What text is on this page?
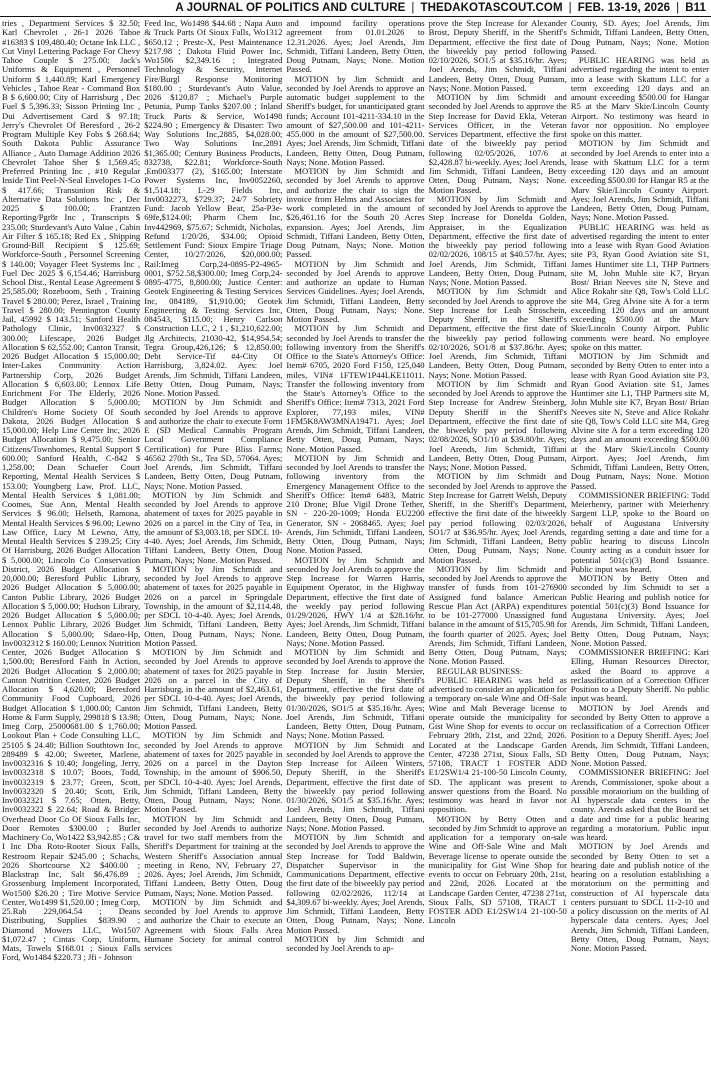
A JOURNAL OF POLITICS AND CULTURE | THEDAKOTASCOUT.COM | FEB. 13-19, 2026 | B11

tries , Department Services $ 32.50; Karl Chevrolet , 26-1 2026 Tahoe #16383 $ 109,480.40; Octane Ink LLC , Cut Vinyl Lettering Package For Chevy Tahoe Couple $ 275.00; Jack's Uniforms & Equipment , Personnel Uniform $ 1,440.89; Karl Emergency Vehicles , Tahoe Rear - Command Box B $ 6,600.00; City of Harrisburg , Dec Fuel $ 5,396.33; Sisson Printing Inc , Dui Advertisement Card $ 97.18; Jerry's Chevrolet Of Beresford , 26-2 Program Multiple Key Fobs $ 268.64; South Dakota Public Assurance Alliance , Auto Damage Addition 2026 Chevrolet Tahoe Sher $ 1,569.45; Preferred Printing Inc , #10 Regular Inside Tint Peel-N-Seal Envelopes 1-Co $ 417.66; Transunion Risk & Alternative Data Solutions Inc , Dec 2025 $ 100.00; Frantzen Reporting/Pgr8r Inc , Transcripts $ 235.00; Sturdevant's Auto Value , Cabin Air Filter $ 165.18; Red Ex , Shipping Ground-Bill Recipient $ 125.69; Workforce-South , Personnel Screening $ 140.00; Voyager Fleet Systems Inc , Fuel Dec 2025 $ 6,154.46; Harrisburg School Dist., Rental Lease Agreement $ 25,585.00; Rozeboom, Seth , Training Travel $ 280.00; Perez, Israel , Training Travel $ 280.00; Pennington County Jail, 45992 $ 143.51; Sanford Health Pathology Clinic, Inv0032327 $ 300.00; Lifescape, 2026 Budget Allocation $ 62,552.00; Canton Transit, 2026 Budget Allocation $ 15,000.00; Inter-Lakes Community Action Partnership Corp, 2026 Budget Allocation $ 6,603.00; Lennox Life Enrichment For The Elderly, 2026 Budget Allocation $ 5,000.00; Children's Home Society Of South Dakota, 2026 Budget Allocation $ 15,000.00; Help Line Center Inc, 2026 Budget Allocation $ 9,475.00; Senior Citizens/Townhomes, Rental Support $ 600.00; Sanford Health, C-842 $ 1,258.00; Dean Schaefer Court Reporting, Mental Health Services $ 153.00; Youngberg Law, Prof. LLC, Mental Health Services $ 1,081.00; Coomes, Sue Ann, Mental Health Services $ 96.00; Helseth, Ramona, Mental Health Services $ 96.00; Lewno Law Office, Lucy M Lewno, Atty, Mental Health Services $ 239.25; City Of Harrisburg, 2026 Budget Allocation $ 5,000.00; Lincoln Co Conservation District, 2026 Budget Allocation $ 20,000.00; Beresford Public Library, 2026 Budget Allocation $ 5,000.00; Canton Public Library, 2026 Budget Allocation $ 5,000.00; Hudson Library, 2026 Budget Allocation $ 5,000.00; Lennox Public Library, 2026 Budget Allocation $ 5,000.00; Sdaeo-Hp, Inv0032312 $ 160.00; Lennox Nutrition Center, 2026 Budget Allocation $ 1,500.00; Beresford Faith In Action, 2026 Budget Allocation $ 2,000.00; Canton Nutrition Center, 2026 Budget Allocation $ 4,620.00; Beresford Community Food Cupboard, 2026 Budget Allocation $ 1,000.00; Canton Home & Farm Supply, 299818 $ 13.98; Imeg Corp, 25000681.00 $ 1,760.00; Lookout Plan + Code Consulting LLC, 25105 $ 24.40; Billion Southtown Inc, 289489 $ 42.00; Sweeter, Marlene, Inv0032316 $ 10.40; Jongeling, Jerry, Inv0032318 $ 10.07; Boots, Todd, Inv0032319 $ 23.77; Green, Scott, Inv0032320 $ 20.40; Scott, Erik, Inv0032321 $ 7.65; Otten, Betty, Inv0032322 $ 22.64; Road & Bridge: Overhead Door Co Of Sioux Falls Inc, Door Remotes $300.00 ; Butler Machinery Co, Wo1422 $3,942.85 ; C& I Inc Dba Roto-Rooter Sioux Falls, Restroom Repair $245.00 ; Schachs, 2026 Shortcourse X2 $400.00 ; Blackstrap Inc, Salt $6,476.89 ; Grossenburg Implement Incorporated, Wo1500 $26.20 ; Tire Motive Service Center, Wo1499 $1,520.00 ; Imeg Corp, 25.Rab 229,064.54 ; Deans Distributing, Supplies $839.90 ; Diamond Mowers LLC, Wo1507 $1,072.47 ; Cintas Corp, Uniform, Mats, Towels $168.01 ; Sioux Falls Ford, Wo1484 $220.73 ; Jfi - Johnson

Feed Inc, Wo1498 $44.68 ; Napa Auto & Truck Parts Of Sioux Falls, Wo1312 $650.12 ; Prestc-X, Pest Maintenance $217.98 ; Dakota Fluid Power Inc, Wo1506 $2,349.16 ; Integrated Technology & Security, Internet Fire/Burgl Response Monitoring $180.00 ; Sturdevant's Auto Value, 2026 $120.87 ; Michael's Purple Petunia, Pump Tanks $207.00 ; Inland Truck Parts & Service, Wo1498 $224.90 ; Emergency & Disaster: Two Way Solutions Inc,2885, $4,028.00; Two Way Solutions Inc,2891 $1,365.00; Century Business Products, 832738, $22.81; Workforce-South ,Em003377 (2), $165.00; Interstate Power Systems Inc, Inv0052260, $1,514.18; L-29 Fields Inc, Inv0032273, $729.37; 24/7 Sobriety Fund: Jacob Yellow Bear, 25a-P3e-69fe,$124.00; Pharm Chem Inc, Inv442969, $75.67; Schmidt, Nicholas, Refund 1/20/26, $34.00; Opioid Settlement Fund: Sioux Empire Triage Center, 10/27/2026, $20,000.00; Rail:Imeg Corp,24-0895-P2-4965-0001, $752.58,$300.00; Imeg Corp,24-0895-4775, 8,800.00; Justice Center: Geotek Engineering & Testing Services Inc, 084189, $1,910.00; Geotek Engineering & Testing Services Inc, 084543, $115.00; Henry Carlson Construction LLC, 2 1 , $1,210,622.00; Jlg Architects, 21030-42, $14,954.54; Tegra Group,426,126; $ 12,850.00; Debt Service-Tif #4-City Of Harrisburg, 3,824.02. Ayes: Joel Arends, Jim Schmidt, Tiffani Landeen, Betty Otten, Doug Putnam, Nays; None. Motion Passed.

MOTION by Jim Schmidt and seconded by Joel Arends to approve and authorize the chair to execute Form E (SD Medical Cannabis Program Local Government Compliance Certification) for Pure Bliss Farms; 46562 270th St., Tea SD, 57064. Ayes; Joel Arends, Jim Schmidt, Tiffani Landeen, Betty Otten, Doug Putnam, Nays; None. Motion Passed.

MOTION by Jim Schmidt and seconded by Joel Arends to approve abatement of taxes for 2025 payable in 2026 on a parcel in the City of Tea, in the amount of $3,003.18, per SDCL 10-4-40. Ayes; Joel Arends, Jim Schmidt, Tiffani Landeen, Betty Otten, Doug Putnam, Nays; None. Motion Passed.

MOTION by Jim Schmidt and seconded by Joel Arends to approve abatement of taxes for 2025 payable in 2026 on a parcel in Springdale Township, in the amount of $2,114.48, per SDCL 10-4-40. Ayes; Joel Arends, Jim Schmidt, Tiffani Landeen, Betty Otten, Doug Putnam, Nays; None. Motion Passed.

MOTION by Jim Schmidt and seconded by Joel Arends to approve abatement of taxes for 2025 payable in 2026 on a parcel in the City of Harrisburg, in the amount of $2,463.61, per SDCL 10-4-40. Ayes; Joel Arends, Jim Schmidt, Tiffani Landeen, Betty Otten, Doug Putnam, Nays; None. Motion Passed.

MOTION by Jim Schmidt and seconded by Joel Arends to approve abatement of taxes for 2025 payable in 2026 on a parcel in the Dayton Township, in the amount of $906.50, per SDCL 10-4-40. Ayes; Joel Arends, Jim Schmidt, Tiffani Landeen, Betty Otten, Doug Putnam, Nays; None. Motion Passed.

MOTION by Jim Schmidt and seconded by Joel Arends to authorize travel for two staff members from the Sheriff's Department for training at the Western Sheriff's Association annual meeting in Reno, NV, February 27, 2026. Ayes; Joel Arends, Jim Schmidt, Tiffani Landeen, Betty Otten, Doug Putnam, Nays; None. Motion Passed.

MOTION by Jim Schmidt and seconded by Joel Arends to approve and authorize the Chair to execute an Agreement with Sioux Falls Area Humane Society for animal control services

and impound facility operations agreement from 01.01.2026 to 12.31.2026. Ayes; Joel Arends, Jim Schmidt, Tiffani Landeen, Betty Otten, Doug Putnam, Nays; None. Motion Passed.

MOTION by Jim Schmidt and seconded by Joel Arends to approve an automatic budget supplement to the Sheriff's budget, for unanticipated grant funds; Account 101-4211-334.10 in the amount of $27,500.00 and 101-4211-455.000 in the amount of $27,500.00. Ayes; Joel Arends, Jim Schmidt, Tiffani Landeen, Betty Otten, Doug Putnam, Nays; None. Motion Passed.

MOTION by Jim Schmidt and seconded by Joel Arends to approve and authorize the chair to sign the invoice from Helms and Associates for work completed in the amount of $26,461.16 for the South 20 Acres expansion. Ayes; Joel Arends, Jim Schmidt, Tiffani Landeen, Betty Otten, Doug Putnam, Nays; None. Motion Passed.

MOTION by Jim Schmidt and seconded by Joel Arends to approve and authorize an update to Human Services Guidelines. Ayes; Joel Arends, Jim Schmidt, Tiffani Landeen, Betty Otten, Doug Putnam, Nays; None. Motion Passed.

MOTION by Jim Schmidt and seconded by Joel Arends to transfer the following inventory from the Sheriff's Office to the State's Attorney's Office: Item# 6705, 2020 Ford F150, 125,040 miles, VIN# 1FTEW1P44LKE11011. Transfer the following inventory from the State's Attorney's Office to the Sheriff's Office: Item# 7313, 2021 Ford Explorer, 77,193 miles, VIN# 1FM5K8AW3MNA19471. Ayes; Joel Arends, Jim Schmidt, Tiffani Landeen, Betty Otten, Doug Putnam, Nays; None. Motion Passed.

MOTION by Jim Schmidt and seconded by Joel Arends to transfer the following inventory from the Emergency Management Office to the Sheriff's Office: Item# 6483, Matric 210 Drone; Blue Vigil Drone Tether, SN - 220-20-1009; Honda EU2200 Generator, SN - 2068465. Ayes; Joel Arends, Jim Schmidt, Tiffani Landeen, Betty Otten, Doug Putnam, Nays; None. Motion Passed.

MOTION by Jim Schmidt and seconded by Joel Arends to approve the Step Increase for Warren Harris, Equipment Operator, in the Highway Department, effective the first date of the weekly pay period following 01/29/2026, HWY 1/4 at $28.16/hr. Ayes; Joel Arends, Jim Schmidt, Tiffani Landeen, Betty Otten, Doug Putnam, Nays; None. Motion Passed.

MOTION by Jim Schmidt and seconded by Joel Arends to approve the Step Increase for Justin Mersier, Deputy Sheriff, in the Sheriff's Department, effective the first date of the biweekly pay period following 01/30/2026, SO1/5 at $35.16/hr. Ayes; Joel Arends, Jim Schmidt, Tiffani Landeen, Betty Otten, Doug Putnam, Nays; None. Motion Passed.

MOTION by Jim Schmidt and seconded by Joel Arends to approve the Step Increase for Aileen Winters, Deputy Sheriff, in the Sheriff's Department, effective the first date of the biweekly pay period following 01/30/2026, SO1/5 at $35.16/hr. Ayes; Joel Arends, Jim Schmidt, Tiffani Landeen, Betty Otten, Doug Putnam, Nays; None. Motion Passed.

MOTION by Jim Schmidt and seconded by Joel Arends to approve the Step Increase for Todd Baldwin, Dispatcher Supervisor in the Communications Department, effective the first date of the biweekly pay period following 02/02/2026, 112/14 at $4,309.67 bi-weekly. Ayes; Joel Arends, Jim Schmidt, Tiffani Landeen, Betty Otten, Doug Putnam, Nays; None. Motion Passed.

MOTION by Jim Schmidt and seconded by Joel Arends to ap-

prove the Step Increase for Alexander Brost, Deputy Sheriff, in the Sheriff's Department, effective the first date of the biweekly pay period following 02/10/2026, SO1/5 at $35.16/hr. Ayes; Joel Arends, Jim Schmidt, Tiffani Landeen, Betty Otten, Doug Putnam, Nays; None. Motion Passed.

MOTION by Jim Schmidt and seconded by Joel Arends to approve the Step Increase for David Ekla, Veteran Services Officer, in the Veteran Services Department, effective the first date of the biweekly pay period following 02/05/2026, 107/6 at $2,428.87 bi-weekly. Ayes; Joel Arends, Jim Schmidt, Tiffani Landeen, Betty Otten, Doug Putnam, Nays; None. Motion Passed.

MOTION by Jim Schmidt and seconded by Joel Arends to approve the Step Increase for Donelda Golden, Appraiser, in the Equalization Department, effective the first date of the biweekly pay period following 02/02/2026, 108/15 at $40.57/hr. Ayes; Joel Arends, Jim Schmidt, Tiffani Landeen, Betty Otten, Doug Putnam, Nays; None. Motion Passed.

MOTION by Jim Schmidt and seconded by Joel Arends to approve the Step Increase for Leah Stroschein, Deputy Sheriff, in the Sheriff's Department, effective the first date of the biweekly pay period following 02/10/2026, SO1/8 at $37.86/hr. Ayes; Joel Arends, Jim Schmidt, Tiffani Landeen, Betty Otten, Doug Putnam, Nays; None. Motion Passed.

MOTION by Jim Schmidt and seconded by Joel Arends to approve the Step Increase for Andrew Steinberg, Deputy Sheriff in the Sheriff's Department, effective the first date of the biweekly pay period following 02/08/2026, SO1/10 at $39.80/hr. Ayes; Joel Arends, Jim Schmidt, Tiffani Landeen, Betty Otten, Doug Putnam, Nays; None. Motion Passed.

MOTION by Jim Schmidt and seconded by Joel Arends to approve the Step Increase for Garrett Welsh, Deputy Sheriff, in the Sheriff's Department, effective the first date of the biweekly pay period following 02/03/2026, SO1/7 at $36.95/hr. Ayes; Joel Arends, Jim Schmidt, Tiffani Landeen, Betty Otten, Doug Putnam, Nays; None. Motion Passed.

MOTION by Jim Schmidt and seconded by Joel Arends to approve the transfer of funds from 101-276900 Assigned fund balance American Rescue Plan Act (ARPA) expenditures to be 101-277000 Unassigned fund balance in the amount of $15,705.98 for the fourth quarter of 2025. Ayes; Joel Arends, Jim Schmidt, Tiffani Landeen, Betty Otten, Doug Putnam, Nays; None. Motion Passed.

REGULAR BUSINESS:

PUBLIC HEARING was held as advertised to consider an application for a temporary on-sale Wine and Off-Sale Wine and Malt Beverage license to operate outside the municipality for Gist Wine Shop for events to occur on February 20th, 21st, and 22nd, 2026. Located at the Landscape Garden Center, 47238 271st, Sioux Falls, SD 57108, TRACT 1 FOSTER ADD E1/2SW1/4 21-100-50 Lincoln County, SD. The applicant was present to answer questions from the Board. No testimony was heard in favor nor opposition.

MOTION by Betty Otten and seconded by Jim Schmidt to approve an application for a temporary on-sale Wine and Off-Sale Wine and Malt Beverage license to operate outside the municipality for Gist Wine Shop for events to occur on February 20th, 21st, and 22nd, 2026. Located at the Landscape Garden Center, 47238 271st, Sioux Falls, SD 57108, TRACT 1 FOSTER ADD E1/2SW1/4 21-100-50 Lincoln

County, SD. Ayes; Joel Arends, Jim Schmidt, Tiffani Landeen, Betty Otten, Doug Putnam, Nays; None. Motion Passed.

PUBLIC HEARING was held as advertised regarding the intent to enter into a lease with Skattum LLC for a term exceeding 120 days and an amount exceeding $500.00 for Hangar R5 at the Marv Skie/Lincoln County Airport. No testimony was heard in favor nor opposition. No employee spoke on this matter.

MOTION by Jim Schmidt and seconded by Joel Arends to enter into a lease with Skattum LLC for a term exceeding 120 days and an amount exceeding $500.00 for Hangar R5 at the Marv Skie/Lincoln County Airport. Ayes; Joel Arends, Jim Schmidt, Tiffani Landeen, Betty Otten, Doug Putnam, Nays; None. Motion Passed.

PUBLIC HEARING was held as advertised regarding the intent to enter into a lease with Ryan Good Aviation site P3, Ryan Good Aviation site S1, James Huntimer site L1, THP Partners site M, John Muhle site K7, Bryan Bost/ Brian Neeves site N, Steve and Alice Rokahr site Q8, Tow's Cold LLC site M4, Greg Alvine site A for a term exceeding 120 days and an amount exceeding $500.00 at the Marv Skie/Lincoln County Airport. Public comments were heard. No employee spoke on this matter.

MOTION by Jim Schmidt and seconded by Betty Otten to enter into a lease with Ryan Good Aviation site P3, Ryan Good Aviation site S1, James Huntimer site L1, THP Partners site M, John Muhle site K7, Bryan Bost/ Brian Neeves site N, Steve and Alice Rokahr site Q8, Tow's Cold LLC site M4, Greg Alvine site A for a term exceeding 120 days and an amount exceeding $500.00 at the Marv Skie/Lincoln County Airport. Ayes; Joel Arends, Jim Schmidt, Tiffani Landeen, Betty Otten, Doug Putnam, Nays; None. Motion Passed.

COMMISSIONER BRIEFING: Todd Meierhenry, partner with Meierhenry Sargent LLP, spoke to the Board on behalf of Augustana University regarding setting a date and time for a public hearing to discuss Lincoln County acting as a conduit issuer for potential 501(c)(3) Bond Issuance. Public input was heard.

MOTION by Betty Otten and seconded by Jim Schmidt to set a Public Hearing and publish notice for potential 501(c)(3) Bond Issuance for Augustana University. Ayes; Joel Arends, Jim Schmidt, Tiffani Landeen, Betty Otten, Doug Putnam, Nays; None. Motion Passed.

COMMISSIONER BRIEFING: Kari Elling, Human Resources Director, asked the Board to approve a reclassification of a Correction Officer Position to a Deputy Sheriff. No public input was heard.

MOTION by Joel Arends and seconded by Betty Otten to approve a reclassification of a Correction Officer Position to a Deputy Sheriff. Ayes; Joel Arends, Jim Schmidt, Tiffani Landeen, Betty Otten, Doug Putnam, Nays; None. Motion Passed.

COMMISSIONER BRIEFING: Joel Arends, Commissioner, spoke about a possible moratorium on the building of AI hyperscale data centers in the county. Arends asked that the Board set a date and time for a public hearing regarding a moratorium. Public input was heard.

MOTION by Joel Arends and seconded by Betty Otten to set a hearing date and publish notice of the hearing on a resolution establishing a moratorium on the permitting and construction of AI hyperscale data centers pursuant to SDCL 11-2-10 and a policy discussion on the merits of AI hyperscale data centers. Ayes; Joel Arends, Jim Schmidt, Tiffani Landeen, Betty Otten, Doug Putnam, Nays; None. Motion Passed.
